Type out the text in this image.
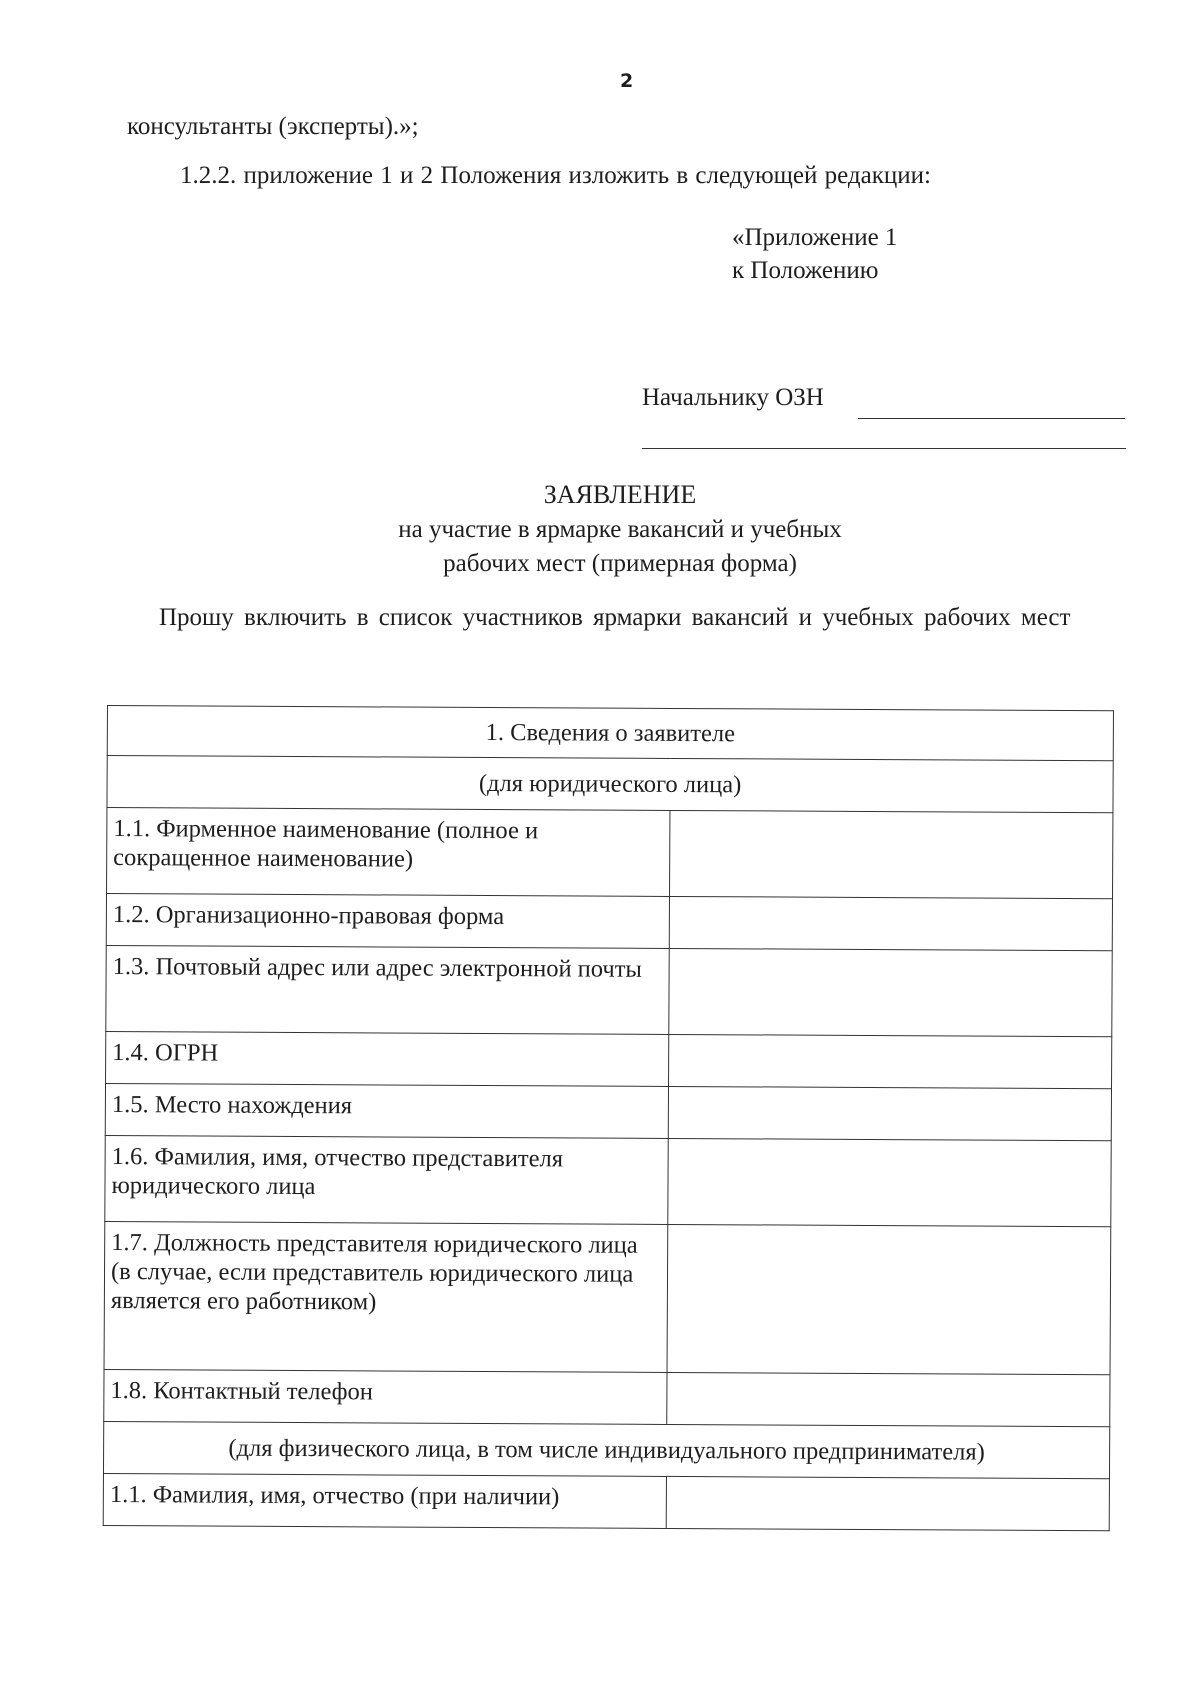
2
консультанты (эксперты).»;
1.2.2. приложение 1 и 2 Положения изложить в следующей редакции:
«Приложение 1
к Положению
Начальнику ОЗН
ЗАЯВЛЕНИЕ
на участие в ярмарке вакансий и учебных
рабочих мест (примерная форма)
Прошу включить в список участников ярмарки вакансий и учебных рабочих мест
1. Сведения о заявителе	
(для юридического лица)	
1.1. Фирменное наименование (полное и сокращенное наименование)	
1.2. Организационно-правовая форма	
1.3. Почтовый адрес или адрес электронной почты	
1.4. ОГРН	
1.5. Место нахождения	
1.6. Фамилия, имя, отчество представителя юридического лица	
1.7. Должность представителя юридического лица (в случае, если представитель юридического лица является его работником)	
1.8. Контактный телефон	
(для физического лица, в том числе индивидуального предпринимателя)	
1.1. Фамилия, имя, отчество (при наличии)	
